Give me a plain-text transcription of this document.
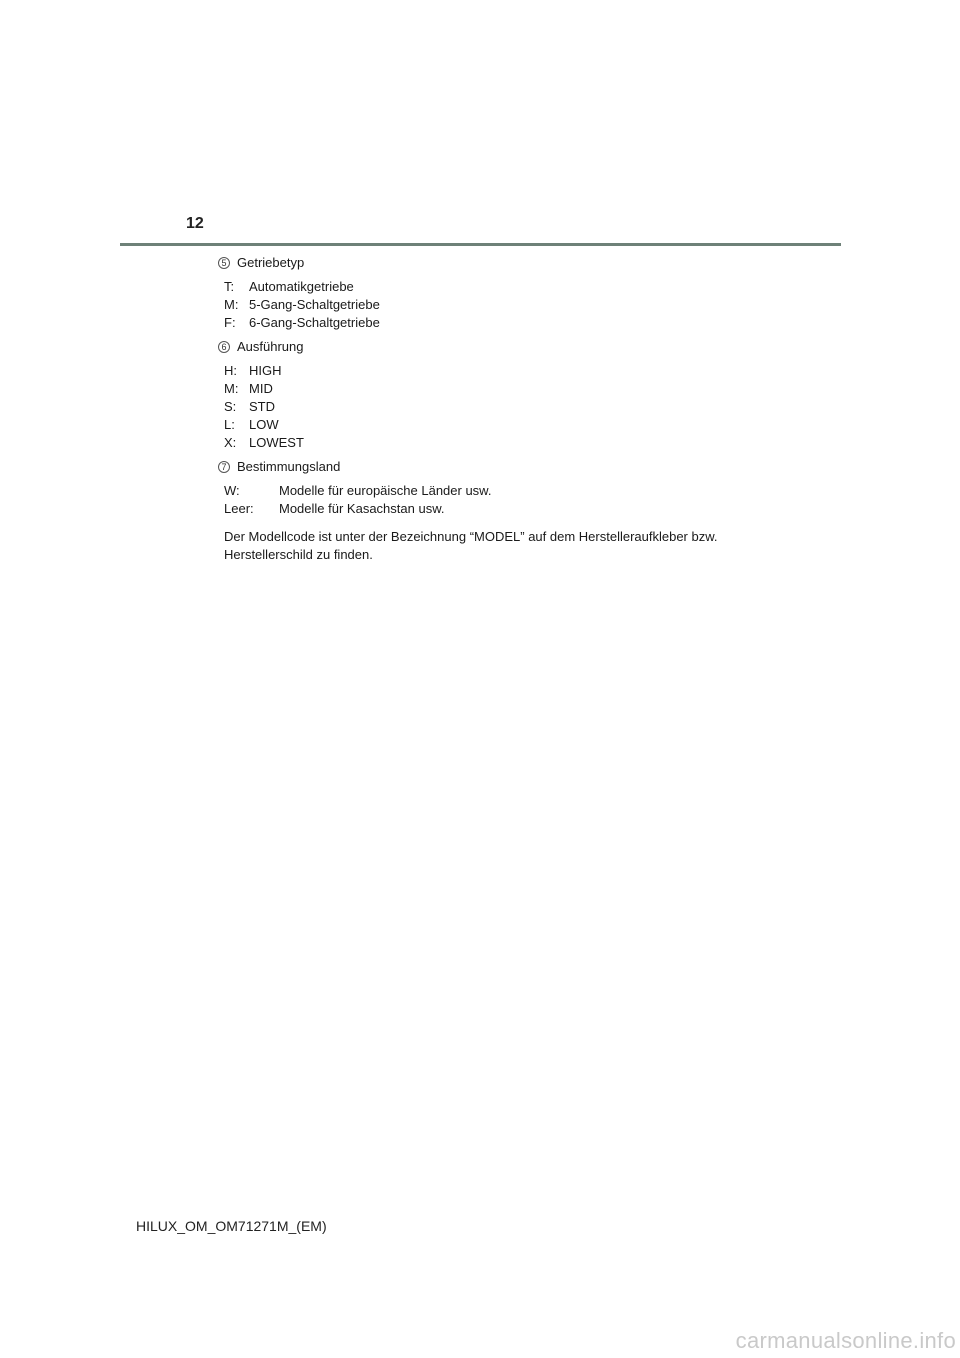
12
5 Getriebetyp
T:	Automatikgetriebe
M: 5-Gang-Schaltgetriebe
F:	6-Gang-Schaltgetriebe
6 Ausführung
H: HIGH
M: MID
S: STD
L:	LOW
X: LOWEST
7 Bestimmungsland
W:	Modelle für europäische Länder usw.
Leer:	Modelle für Kasachstan usw.

Der Modellcode ist unter der Bezeichnung “MODEL” auf dem Herstelleraufkleber bzw. Herstellerschild zu finden.

HILUX_OM_OM71271M_(EM)
carmanualsonline.info
